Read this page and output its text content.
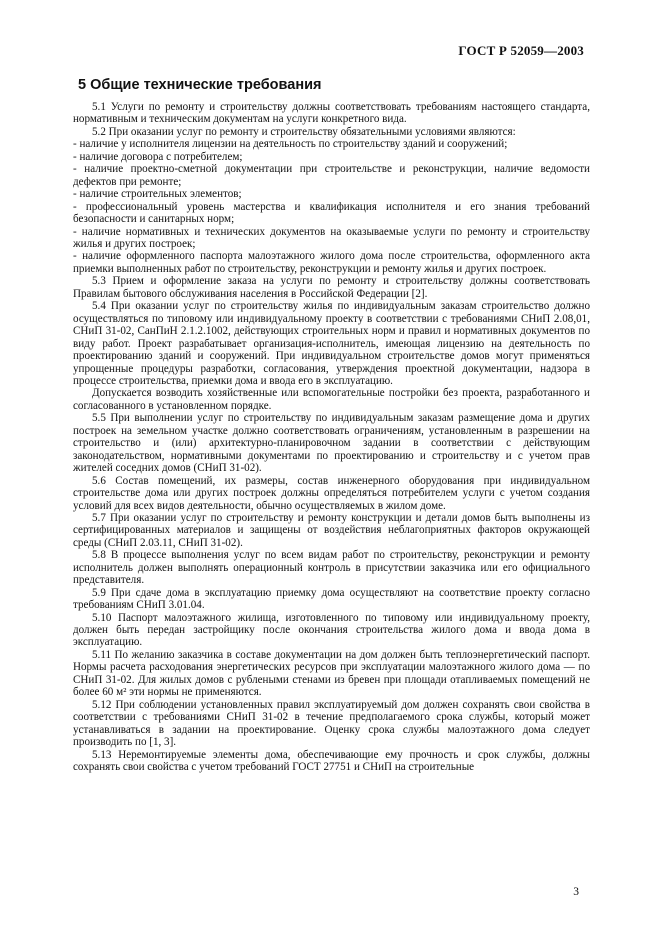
ГОСТ Р 52059—2003
5 Общие технические требования

5.1 Услуги по ремонту и строительству должны соответствовать требованиям настоящего стандарта, нормативным и техническим документам на услуги конкретного вида.

5.2 При оказании услуг по ремонту и строительству обязательными условиями являются:

- наличие у исполнителя лицензии на деятельность по строительству зданий и сооружений;

- наличие договора с потребителем;

- наличие проектно-сметной документации при строительстве и реконструкции, наличие ведомости дефектов при ремонте;

- наличие строительных элементов;

- профессиональный уровень мастерства и квалификация исполнителя и его знания требований безопасности и санитарных норм;

- наличие нормативных и технических документов на оказываемые услуги по ремонту и строительству жилья и других построек;

- наличие оформленного паспорта малоэтажного жилого дома после строительства, оформленного акта приемки выполненных работ по строительству, реконструкции и ремонту жилья и других построек.

5.3 Прием и оформление заказа на услуги по ремонту и строительству должны соответствовать Правилам бытового обслуживания населения в Российской Федерации [2].

5.4 При оказании услуг по строительству жилья по индивидуальным заказам строительство должно осуществляться по типовому или индивидуальному проекту в соответствии с требованиями СНиП 2.08,01, СНиП 31-02, СанПиН 2.1.2.1002, действующих строительных норм и правил и нормативных документов по виду работ. Проект разрабатывает организация-исполнитель, имеющая лицензию на деятельность по проектированию зданий и сооружений. При индивидуальном строительстве домов могут применяться упрощенные процедуры разработки, согласования, утверждения проектной документации, надзора в процессе строительства, приемки дома и ввода его в эксплуатацию.

Допускается возводить хозяйственные или вспомогательные постройки без проекта, разработанного и согласованного в установленном порядке.

5.5 При выполнении услуг по строительству по индивидуальным заказам размещение дома и других построек на земельном участке должно соответствовать ограничениям, установленным в разрешении на строительство и (или) архитектурно-планировочном задании в соответствии с действующим законодательством, нормативными документами по проектированию и строительству и с учетом прав жителей соседних домов (СНиП 31-02).

5.6 Состав помещений, их размеры, состав инженерного оборудования при индивидуальном строительстве дома или других построек должны определяться потребителем услуги с учетом создания условий для всех видов деятельности, обычно осуществляемых в жилом доме.

5.7 При оказании услуг по строительству и ремонту конструкции и детали домов быть выполнены из сертифицированных материалов и защищены от воздействия неблагоприятных факторов окружающей среды (СНиП 2.03.11, СНиП 31-02).

5.8 В процессе выполнения услуг по всем видам работ по строительству, реконструкции и ремонту исполнитель должен выполнять операционный контроль в присутствии заказчика или его официального представителя.

5.9 При сдаче дома в эксплуатацию приемку дома осуществляют на соответствие проекту согласно требованиям СНиП 3.01.04.

5.10 Паспорт малоэтажного жилища, изготовленного по типовому или индивидуальному проекту, должен быть передан застройщику после окончания строительства жилого дома и ввода дома в эксплуатацию.

5.11 По желанию заказчика в составе документации на дом должен быть теплоэнергетический паспорт. Нормы расчета расходования энергетических ресурсов при эксплуатации малоэтажного жилого дома — по СНиП 31-02. Для жилых домов с рублеными стенами из бревен при площади отапливаемых помещений не более 60 м² эти нормы не применяются.

5.12 При соблюдении установленных правил эксплуатируемый дом должен сохранять свои свойства в соответствии с требованиями СНиП 31-02 в течение предполагаемого срока службы, который может устанавливаться в задании на проектирование. Оценку срока службы малоэтажного дома следует производить по [1, 3].

5.13 Неремонтируемые элементы дома, обеспечивающие ему прочность и срок службы, должны сохранять свои свойства с учетом требований ГОСТ 27751 и СНиП на строительные

3
